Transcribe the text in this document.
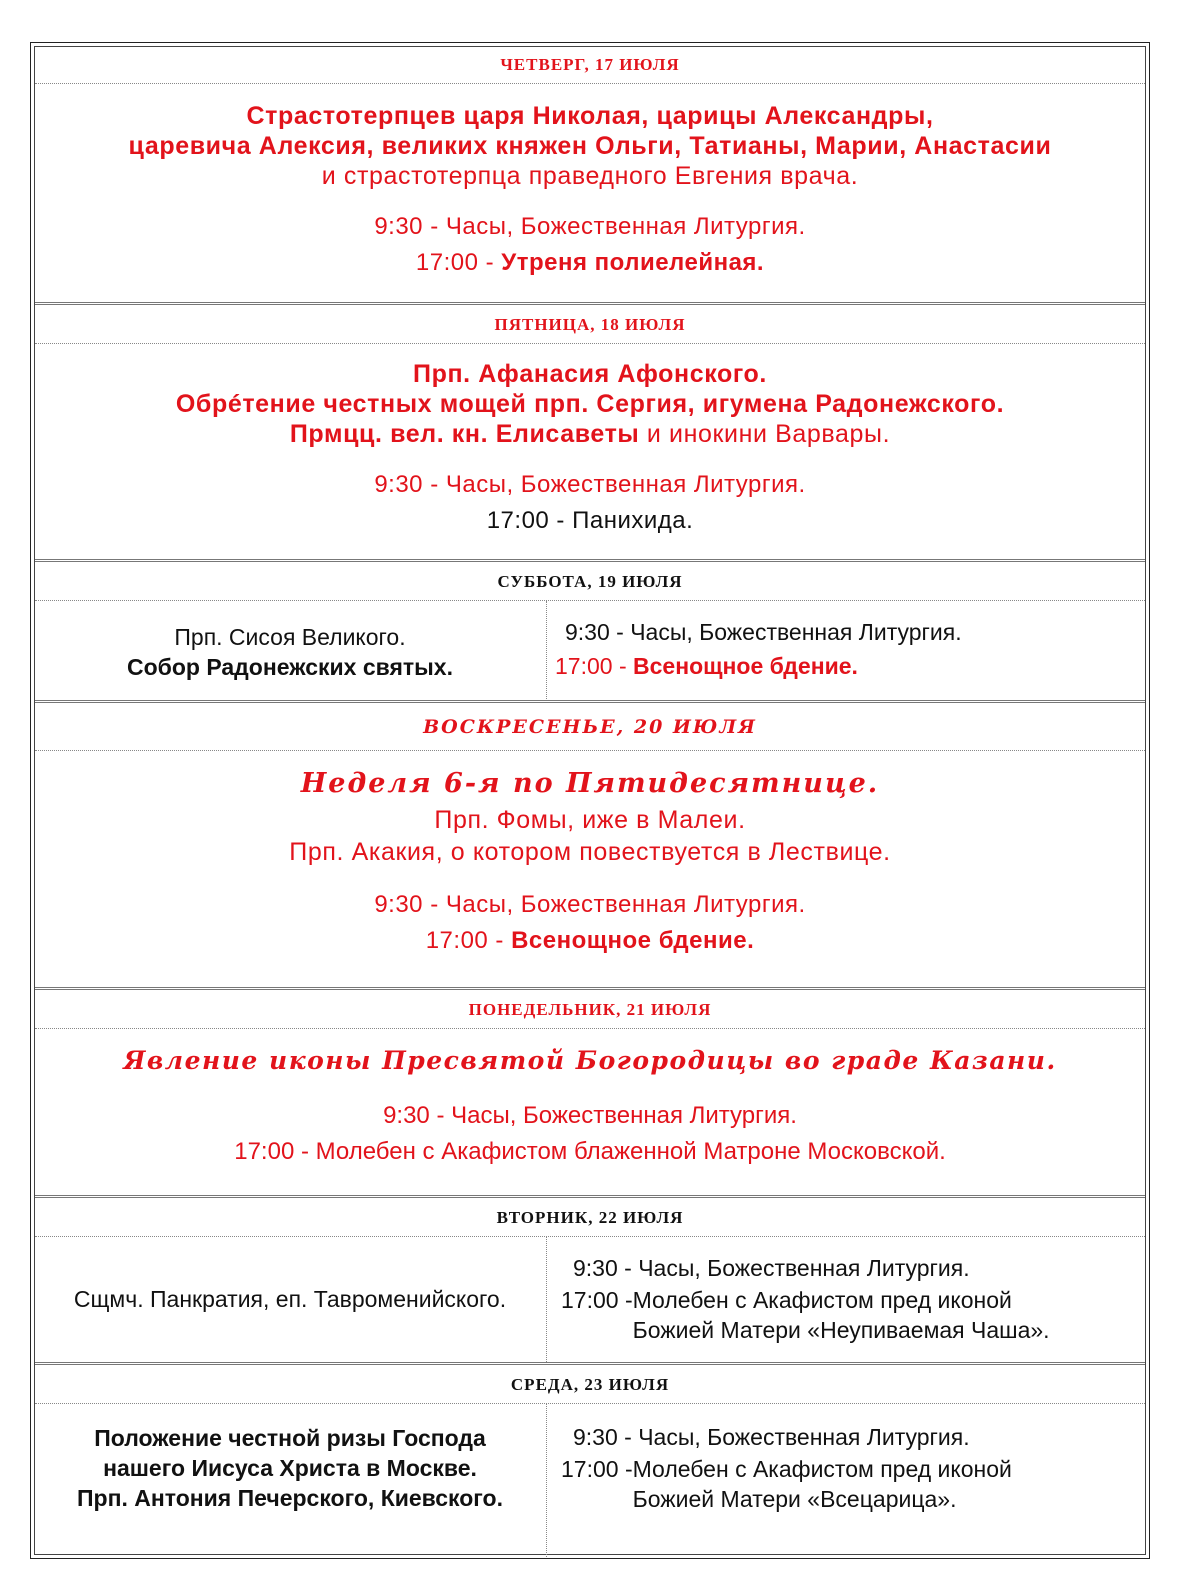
ЧЕТВЕРГ, 17 ИЮЛЯ
Страстотерпцев царя Николая, царицы Александры,
царевича Алексия, великих княжен Ольги, Татианы, Марии, Анастасии
и страстотерпца праведного Евгения врача.
9:30 - Часы, Божественная Литургия.
17:00 - Утреня полиелейная.
ПЯТНИЦА, 18 ИЮЛЯ
Прп. Афанасия Афонского.
Обрéтение честных мощей прп. Сергия, игумена Радонежского.
Прмцц. вел. кн. Елисаветы и инокини Варвары.
9:30 - Часы, Божественная Литургия.
17:00 - Панихида.
СУББОТА, 19 ИЮЛЯ
Прп. Сисоя Великого.
Собор Радонежских святых.
9:30 - Часы, Божественная Литургия.
17:00 - Всенощное бдение.
ВОСКРЕСЕНЬЕ, 20 ИЮЛЯ
Неделя 6-я по Пятидесятнице.
Прп. Фомы, иже в Малеи.
Прп. Акакия, о котором повествуется в Лествице.
9:30 - Часы, Божественная Литургия.
17:00 - Всенощное бдение.
ПОНЕДЕЛЬНИК, 21 ИЮЛЯ
Явление иконы Пресвятой Богородицы во граде Казани.
9:30 - Часы, Божественная Литургия.
17:00 - Молебен с Акафистом блаженной Матроне Московской.
ВТОРНИК, 22 ИЮЛЯ
Сщмч. Панкратия, еп. Тавроменийского.
9:30 - Часы, Божественная Литургия.
17:00 - Молебен с Акафистом пред иконой
Божией Матери «Неупиваемая Чаша».
СРЕДА, 23 ИЮЛЯ
Положение честной ризы Господа
нашего Иисуса Христа в Москве.
Прп. Антония Печерского, Киевского.
9:30 - Часы, Божественная Литургия.
17:00 - Молебен с Акафистом пред иконой
Божией Матери «Всецарица».
